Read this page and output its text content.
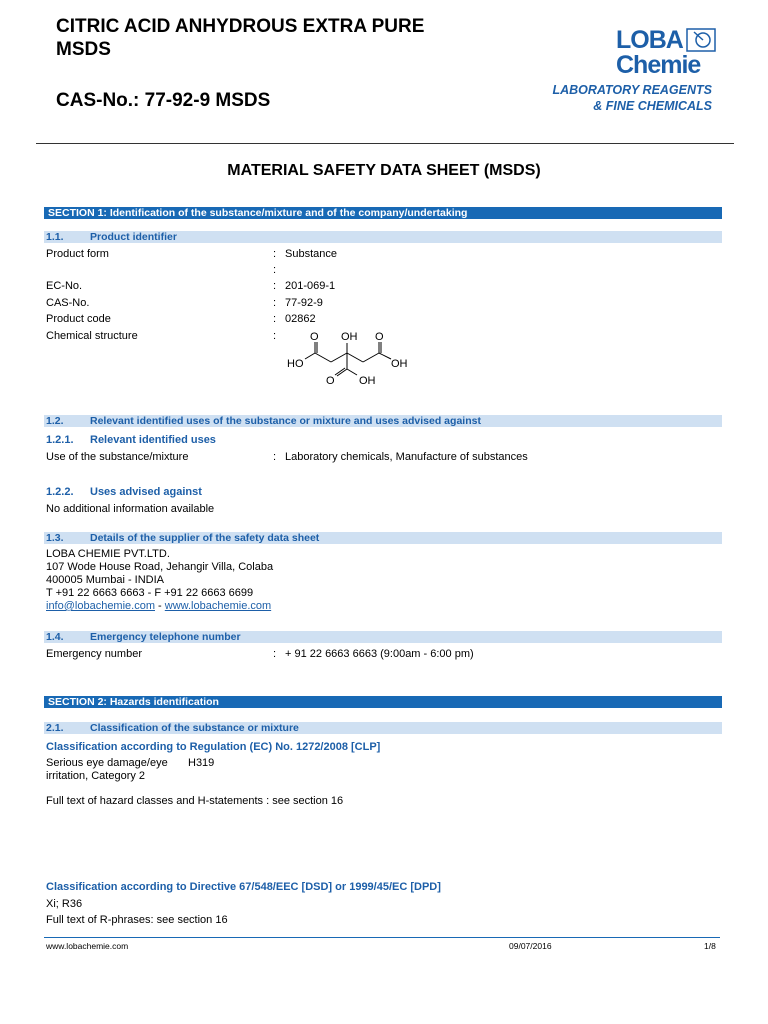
CITRIC ACID ANHYDROUS EXTRA PURE
MSDS
CAS-No.: 77-92-9 MSDS
LOBA
Chemie
LABORATORY REAGENTS
& FINE CHEMICALS
MATERIAL SAFETY DATA SHEET (MSDS)
SECTION 1: Identification of the substance/mixture and of the company/undertaking
1.1.	Product identifier
Product form	: Substance
:
EC-No.	: 201-069-1
CAS-No.	: 77-92-9
Product code	: 02862
Chemical structure	:	O OH O
HO	OH
O OH
1.2.	Relevant identified uses of the substance or mixture and uses advised against
1.2.1. Relevant identified uses
Use of the substance/mixture	: Laboratory chemicals, Manufacture of substances
1.2.2. Uses advised against
No additional information available
1.3.	Details of the supplier of the safety data sheet
LOBA CHEMIE PVT.LTD.
107 Wode House Road, Jehangir Villa, Colaba
400005 Mumbai - INDIA
T +91 22 6663 6663 - F +91 22 6663 6699
info@lobachemie.com - www.lobachemie.com
1.4.	Emergency telephone number
Emergency number	: + 91 22 6663 6663 (9:00am - 6:00 pm)
SECTION 2: Hazards identification
2.1.	Classification of the substance or mixture
Classification according to Regulation (EC) No. 1272/2008 [CLP]
Serious eye damage/eye H319
irritation, Category 2
Full text of hazard classes and H-statements : see section 16
Classification according to Directive 67/548/EEC [DSD] or 1999/45/EC [DPD]
Xi; R36
Full text of R-phrases: see section 16
www.lobachemie.com	09/07/2016	1/8
